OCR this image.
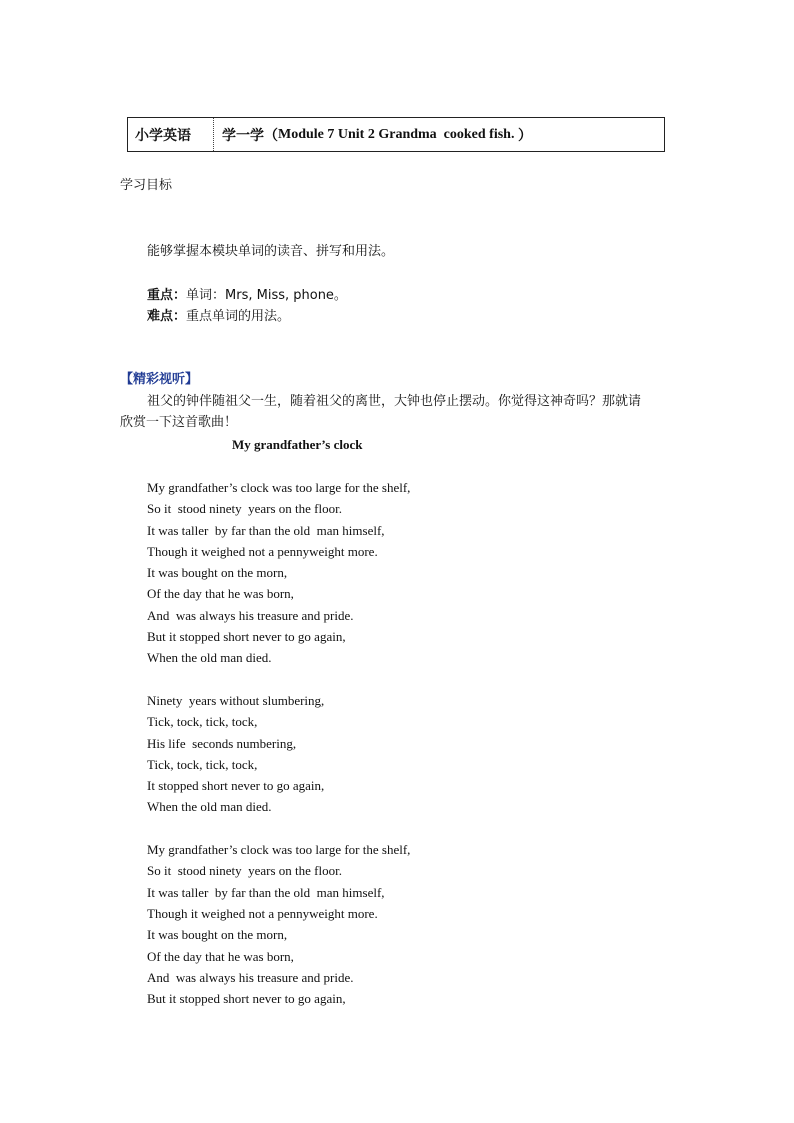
小学英语 学一学（ Module 7 Unit 2 Grandma  cooked fish. ）
学习目标
能够掌握本模块单词的读音、拼写和用法。
重点：单词：Mrs, Miss, phone。
难点：重点单词的用法。
【精彩视听】
祖父的钟伴随祖父一生，随着祖父的离世，大钟也停止摆动。你觉得这神奇吗？那就请
欣赏一下这首歌曲！
My grandfather’s clock
My grandfather’s clock was too large for the shelf,
So it  stood ninety  years on the floor.
It was taller  by far than the old  man himself,
Though it weighed not a pennyweight more.
It was bought on the morn,
Of the day that he was born,
And  was always his treasure and pride.
But it stopped short never to go again,
When the old man died.
Ninety  years without slumbering,
Tick, tock, tick, tock,
His life  seconds numbering,
Tick, tock, tick, tock,
It stopped short never to go again,
When the old man died.
My grandfather’s clock was too large for the shelf,
So it  stood ninety  years on the floor.
It was taller  by far than the old  man himself,
Though it weighed not a pennyweight more.
It was bought on the morn,
Of the day that he was born,
And  was always his treasure and pride.
But it stopped short never to go again,
